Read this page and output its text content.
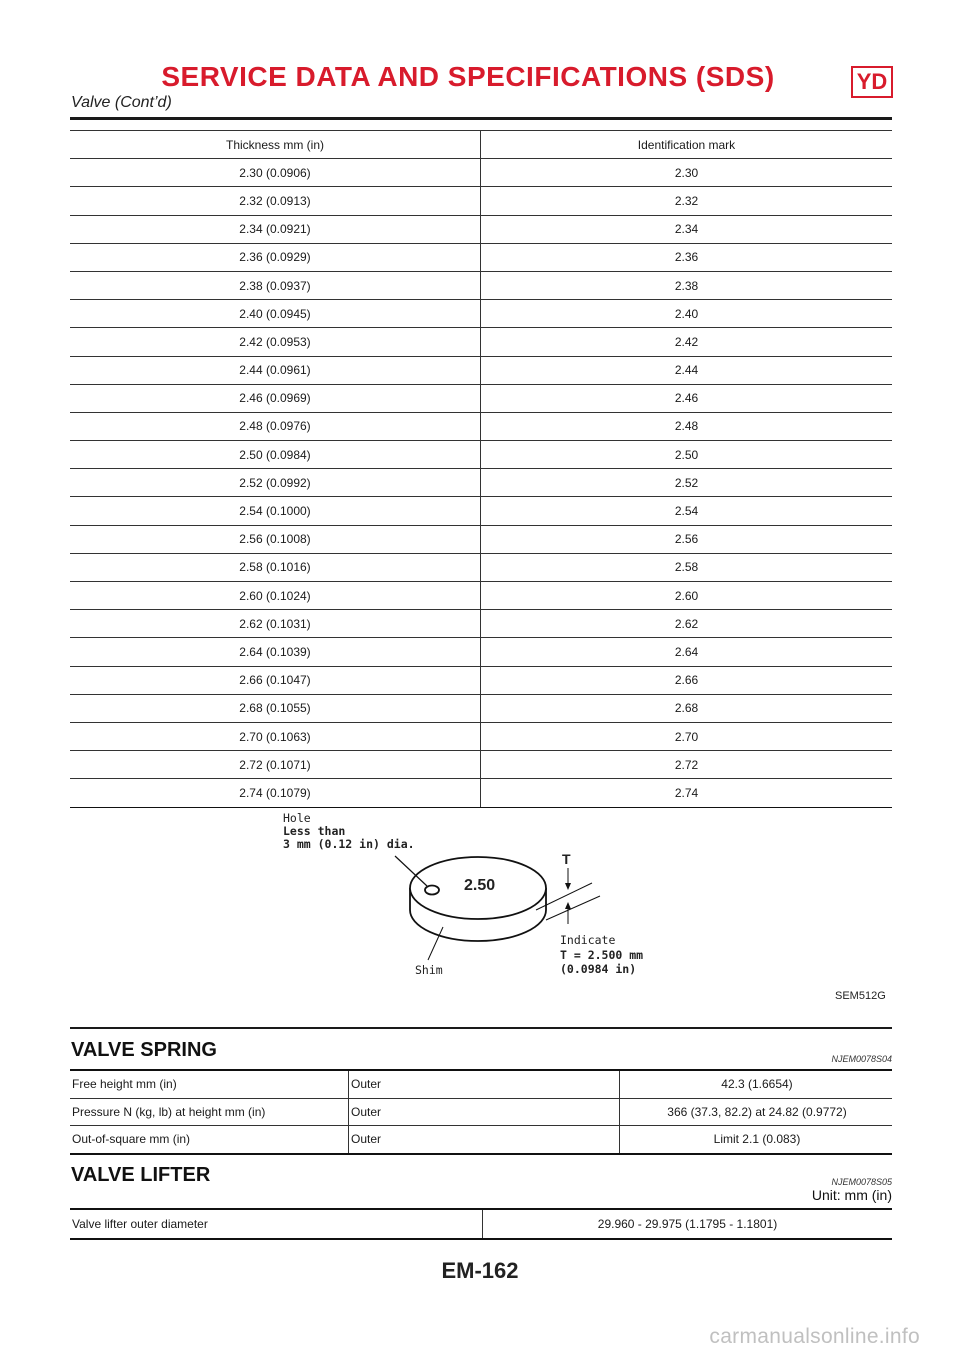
SERVICE DATA AND SPECIFICATIONS (SDS)	YD
Valve (Cont’d)
Thickness mm (in)	Identification mark
2.30 (0.0906)	2.30
2.32 (0.0913)	2.32
2.34 (0.0921)	2.34
2.36 (0.0929)	2.36
2.38 (0.0937)	2.38
2.40 (0.0945)	2.40
2.42 (0.0953)	2.42
2.44 (0.0961)	2.44
2.46 (0.0969)	2.46
2.48 (0.0976)	2.48
2.50 (0.0984)	2.50
2.52 (0.0992)	2.52
2.54 (0.1000)	2.54
2.56 (0.1008)	2.56
2.58 (0.1016)	2.58
2.60 (0.1024)	2.60
2.62 (0.1031)	2.62
2.64 (0.1039)	2.64
2.66 (0.1047)	2.66
2.68 (0.1055)	2.68
2.70 (0.1063)	2.70
2.72 (0.1071)	2.72
2.74 (0.1079)	2.74
Hole
Less than
3 mm (0.12 in) dia.
2.50
T
Indicate
T = 2.500 mm
(0.0984 in)
Shim
SEM512G
VALVE SPRING	NJEM0078S04
Free height mm (in)	Outer	42.3 (1.6654)
Pressure N (kg, lb) at height mm (in)	Outer	366 (37.3, 82.2) at 24.82 (0.9772)
Out-of-square mm (in)	Outer	Limit 2.1 (0.083)
VALVE LIFTER	NJEM0078S05
Unit: mm (in)
Valve lifter outer diameter	29.960 - 29.975 (1.1795 - 1.1801)
EM-162
carmanualsonline.info
